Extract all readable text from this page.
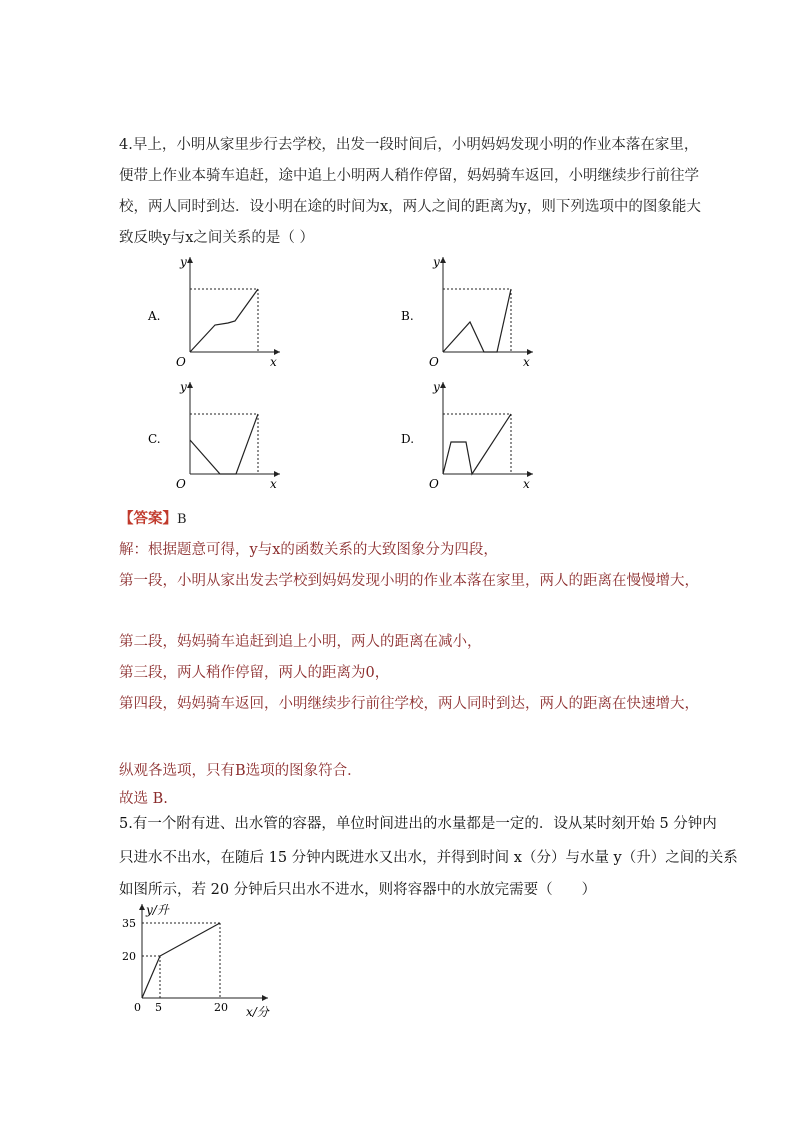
4.早上，小明从家里步行去学校，出发一段时间后，小明妈妈发现小明的作业本落在家里，
便带上作业本骑车追赶，途中追上小明两人稍作停留，妈妈骑车返回，小明继续步行前往学
校，两人同时到达．设小明在途的时间为x，两人之间的距离为y，则下列选项中的图象能大
致反映y与x之间关系的是（ ）
A.
y
x
O
B.
y
x
O
C.
y
x
O
D.
y
x
O
【答案】B
解：根据题意可得，y与x的函数关系的大致图象分为四段，
第一段，小明从家出发去学校到妈妈发现小明的作业本落在家里，两人的距离在慢慢增大，
第二段，妈妈骑车追赶到追上小明，两人的距离在减小，
第三段，两人稍作停留，两人的距离为0，
第四段，妈妈骑车返回，小明继续步行前往学校，两人同时到达，两人的距离在快速增大，
纵观各选项，只有B选项的图象符合．
故选 B.
5.有一个附有进、出水管的容器，单位时间进出的水量都是一定的．设从某时刻开始 5 分钟内
只进水不出水，在随后 15 分钟内既进水又出水，并得到时间 x（分）与水量 y（升）之间的关系
如图所示，若 20 分钟后只出水不进水，则将容器中的水放完需要（　　）
y/升
x/分
0
35
20
5	20
